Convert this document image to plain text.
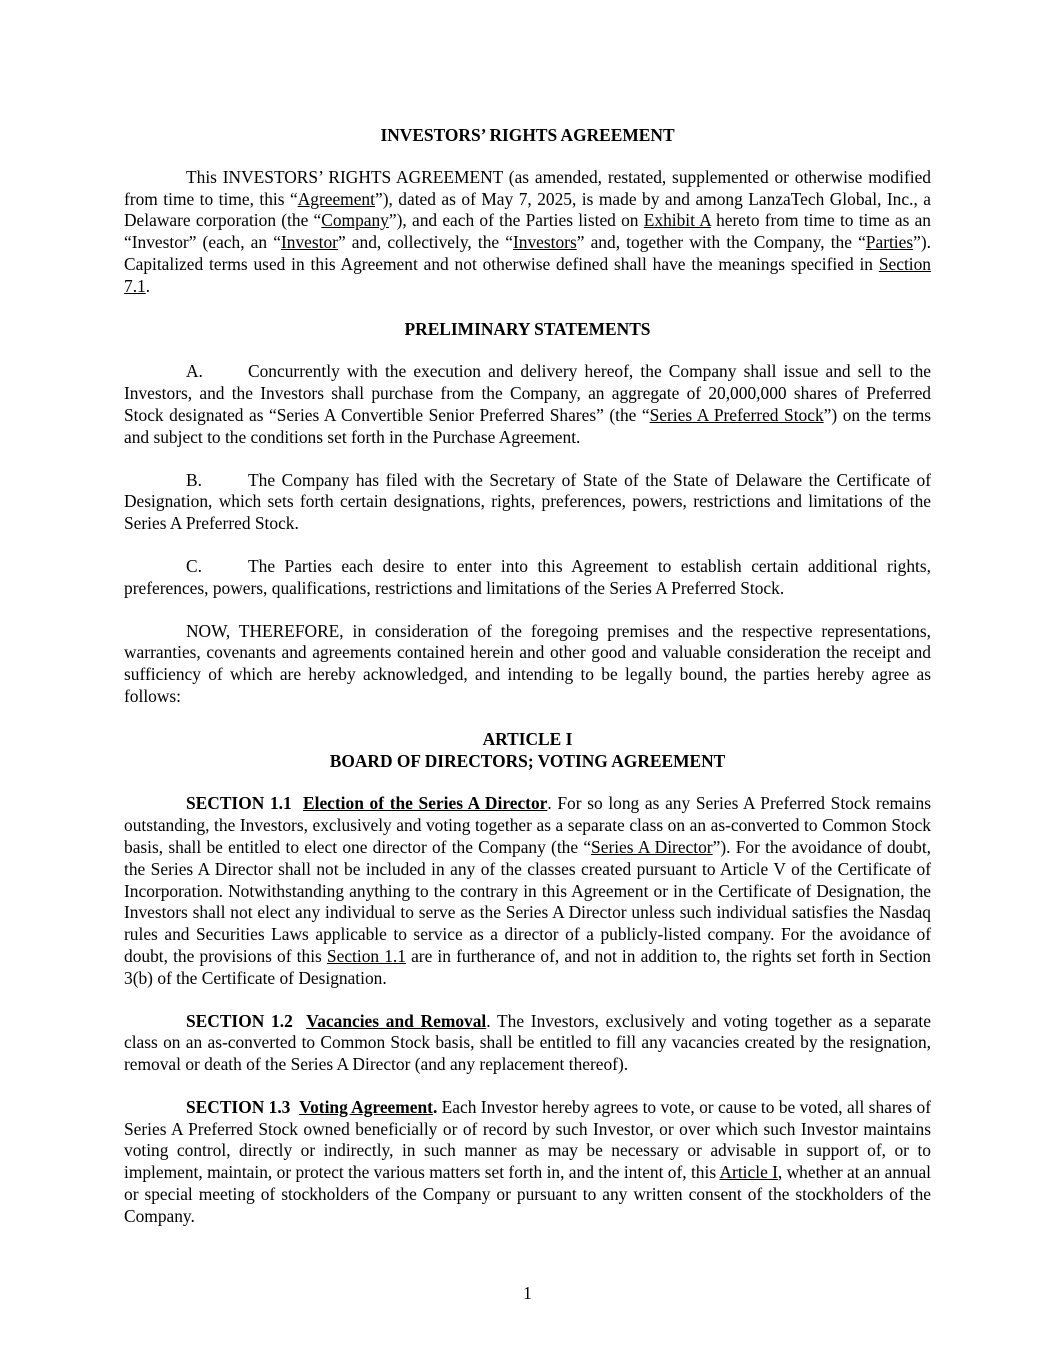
INVESTORS’ RIGHTS AGREEMENT

This INVESTORS’ RIGHTS AGREEMENT (as amended, restated, supplemented or otherwise modified from time to time, this “Agreement”), dated as of May 7, 2025, is made by and among LanzaTech Global, Inc., a Delaware corporation (the “Company”), and each of the Parties listed on Exhibit A hereto from time to time as an “Investor” (each, an “Investor” and, collectively, the “Investors” and, together with the Company, the “Parties”). Capitalized terms used in this Agreement and not otherwise defined shall have the meanings specified in Section 7.1.

PRELIMINARY STATEMENTS

A.	Concurrently with the execution and delivery hereof, the Company shall issue and sell to the Investors, and the Investors shall purchase from the Company, an aggregate of 20,000,000 shares of Preferred Stock designated as “Series A Convertible Senior Preferred Shares” (the “Series A Preferred Stock”) on the terms and subject to the conditions set forth in the Purchase Agreement.

B.	The Company has filed with the Secretary of State of the State of Delaware the Certificate of Designation, which sets forth certain designations, rights, preferences, powers, restrictions and limitations of the Series A Preferred Stock.

C.	The Parties each desire to enter into this Agreement to establish certain additional rights, preferences, powers, qualifications, restrictions and limitations of the Series A Preferred Stock.

NOW, THEREFORE, in consideration of the foregoing premises and the respective representations, warranties, covenants and agreements contained herein and other good and valuable consideration the receipt and sufficiency of which are hereby acknowledged, and intending to be legally bound, the parties hereby agree as follows:

ARTICLE I
BOARD OF DIRECTORS; VOTING AGREEMENT

SECTION 1.1 Election of the Series A Director. For so long as any Series A Preferred Stock remains outstanding, the Investors, exclusively and voting together as a separate class on an as-converted to Common Stock basis, shall be entitled to elect one director of the Company (the “Series A Director”). For the avoidance of doubt, the Series A Director shall not be included in any of the classes created pursuant to Article V of the Certificate of Incorporation. Notwithstanding anything to the contrary in this Agreement or in the Certificate of Designation, the Investors shall not elect any individual to serve as the Series A Director unless such individual satisfies the Nasdaq rules and Securities Laws applicable to service as a director of a publicly-listed company. For the avoidance of doubt, the provisions of this Section 1.1 are in furtherance of, and not in addition to, the rights set forth in Section 3(b) of the Certificate of Designation.

SECTION 1.2 Vacancies and Removal. The Investors, exclusively and voting together as a separate class on an as-converted to Common Stock basis, shall be entitled to fill any vacancies created by the resignation, removal or death of the Series A Director (and any replacement thereof).

SECTION 1.3 Voting Agreement. Each Investor hereby agrees to vote, or cause to be voted, all shares of Series A Preferred Stock owned beneficially or of record by such Investor, or over which such Investor maintains voting control, directly or indirectly, in such manner as may be necessary or advisable in support of, or to implement, maintain, or protect the various matters set forth in, and the intent of, this Article I, whether at an annual or special meeting of stockholders of the Company or pursuant to any written consent of the stockholders of the Company.

1
